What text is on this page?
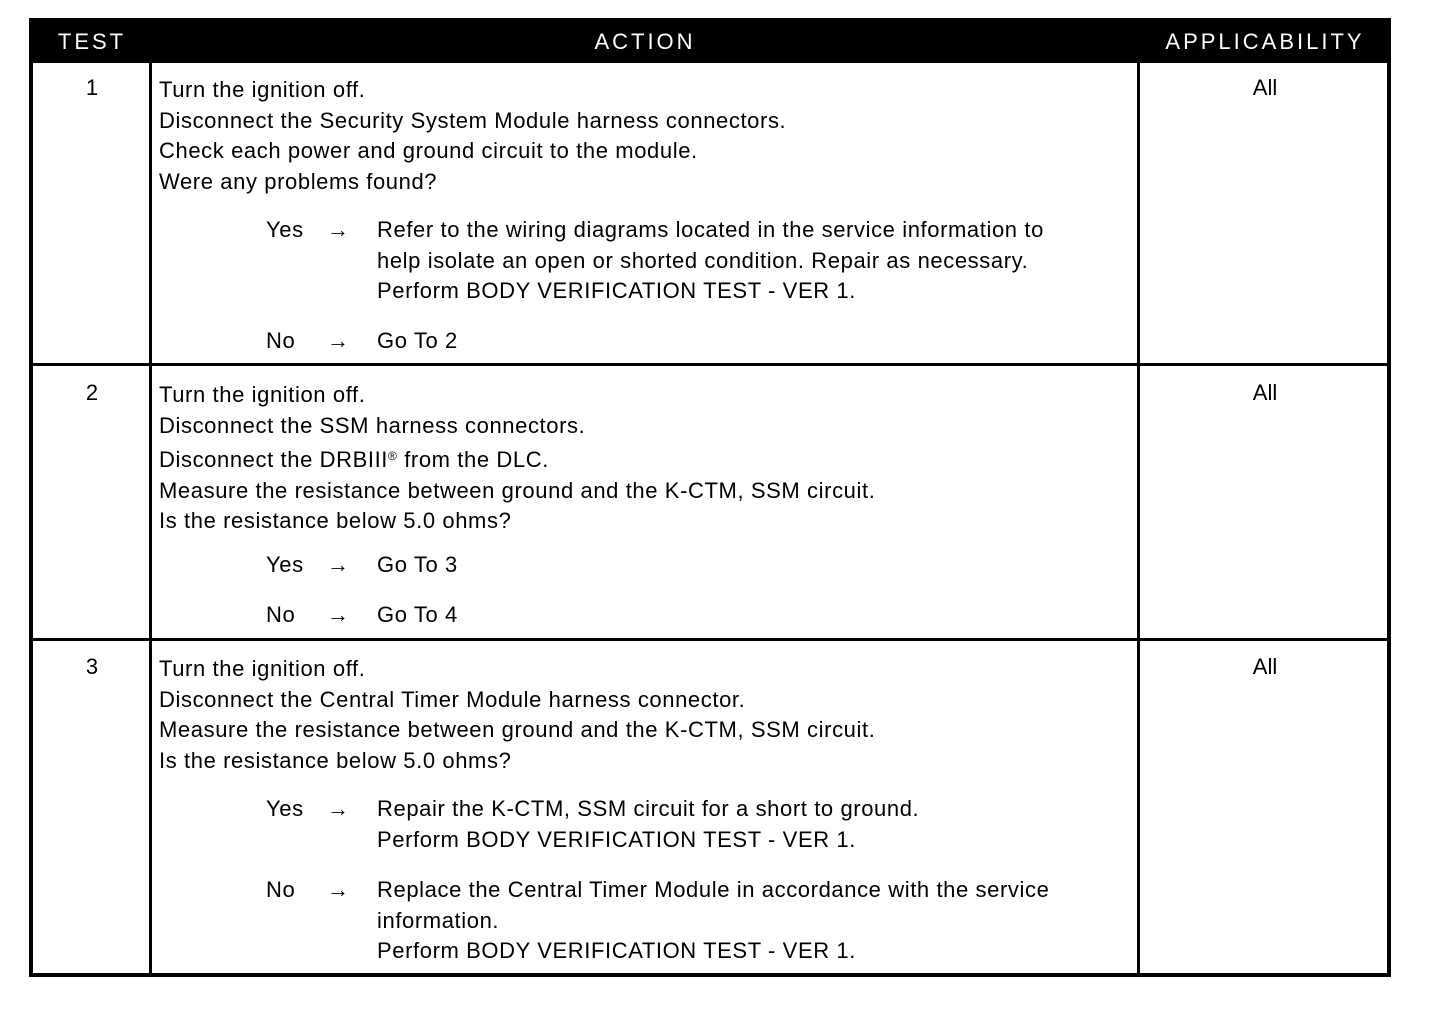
TEST	ACTION	APPLICABILITY
1	Turn the ignition off.
Disconnect the Security System Module harness connectors.
Check each power and ground circuit to the module.
Were any problems found?
Yes	→	Refer to the wiring diagrams located in the service information to
help isolate an open or shorted condition. Repair as necessary.
Perform BODY VERIFICATION TEST - VER 1.
No	→	Go To 2
All
2	Turn the ignition off.
Disconnect the SSM harness connectors.
Disconnect the DRBIII® from the DLC.
Measure the resistance between ground and the K-CTM, SSM circuit.
Is the resistance below 5.0 ohms?
Yes	→	Go To 3
No	→	Go To 4
All
3	Turn the ignition off.
Disconnect the Central Timer Module harness connector.
Measure the resistance between ground and the K-CTM, SSM circuit.
Is the resistance below 5.0 ohms?
Yes	→	Repair the K-CTM, SSM circuit for a short to ground.
Perform BODY VERIFICATION TEST - VER 1.
No	→	Replace the Central Timer Module in accordance with the service
information.
Perform BODY VERIFICATION TEST - VER 1.
All
